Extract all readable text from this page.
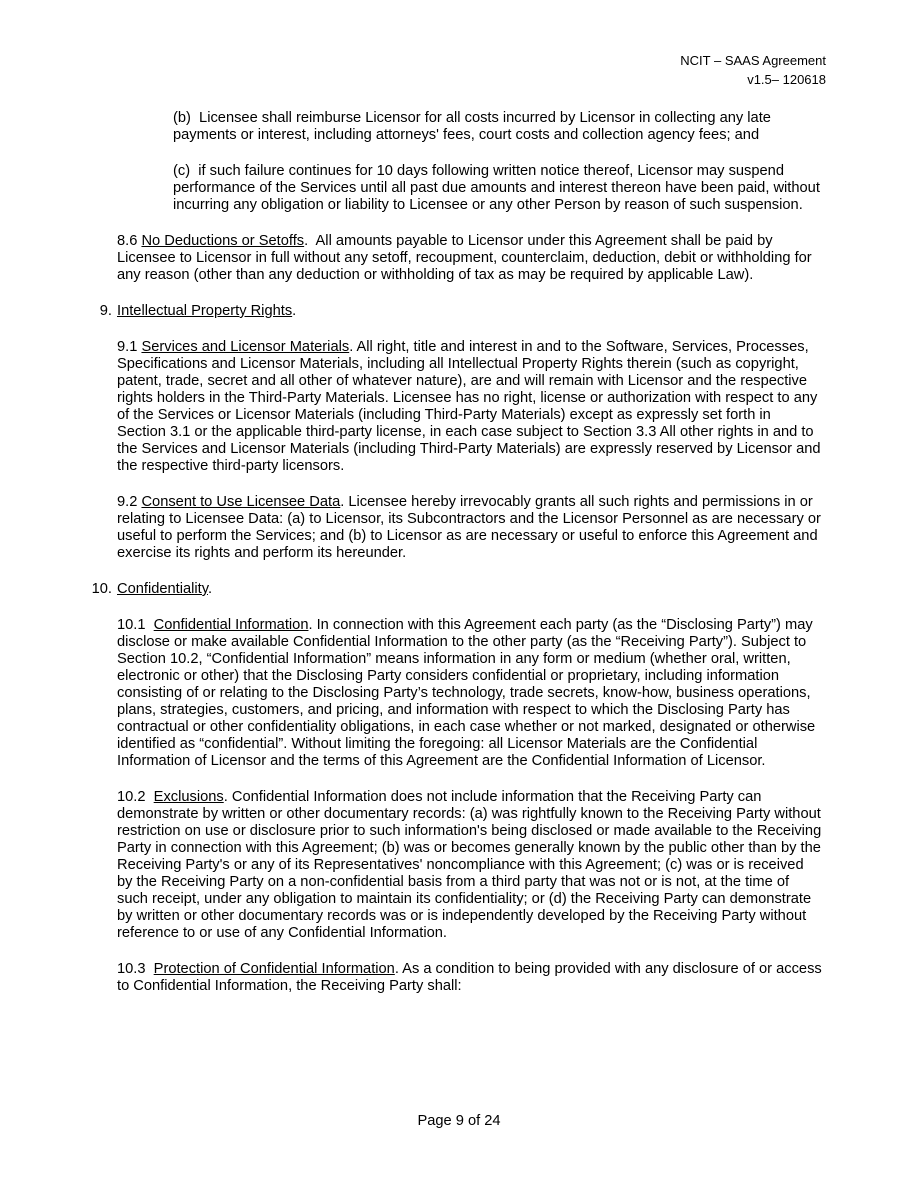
NCIT – SAAS Agreement
v1.5– 120618

(b)  Licensee shall reimburse Licensor for all costs incurred by Licensor in collecting any late payments or interest, including attorneys' fees, court costs and collection agency fees; and

(c)  if such failure continues for 10 days following written notice thereof, Licensor may suspend performance of the Services until all past due amounts and interest thereon have been paid, without incurring any obligation or liability to Licensee or any other Person by reason of such suspension.

8.6 No Deductions or Setoffs.  All amounts payable to Licensor under this Agreement shall be paid by Licensee to Licensor in full without any setoff, recoupment, counterclaim, deduction, debit or withholding for any reason (other than any deduction or withholding of tax as may be required by applicable Law).

9. Intellectual Property Rights.

9.1 Services and Licensor Materials. All right, title and interest in and to the Software, Services, Processes, Specifications and Licensor Materials, including all Intellectual Property Rights therein (such as copyright, patent, trade, secret and all other of whatever nature), are and will remain with Licensor and the respective rights holders in the Third-Party Materials. Licensee has no right, license or authorization with respect to any of the Services or Licensor Materials (including Third-Party Materials) except as expressly set forth in Section 3.1 or the applicable third-party license, in each case subject to Section 3.3 All other rights in and to the Services and Licensor Materials (including Third-Party Materials) are expressly reserved by Licensor and the respective third-party licensors.

9.2 Consent to Use Licensee Data. Licensee hereby irrevocably grants all such rights and permissions in or relating to Licensee Data: (a) to Licensor, its Subcontractors and the Licensor Personnel as are necessary or useful to perform the Services; and (b) to Licensor as are necessary or useful to enforce this Agreement and exercise its rights and perform its hereunder.

10. Confidentiality.

10.1  Confidential Information. In connection with this Agreement each party (as the “Disclosing Party”) may disclose or make available Confidential Information to the other party (as the “Receiving Party”). Subject to Section 10.2, “Confidential Information” means information in any form or medium (whether oral, written, electronic or other) that the Disclosing Party considers confidential or proprietary, including information consisting of or relating to the Disclosing Party’s technology, trade secrets, know-how, business operations, plans, strategies, customers, and pricing, and information with respect to which the Disclosing Party has contractual or other confidentiality obligations, in each case whether or not marked, designated or otherwise identified as “confidential”. Without limiting the foregoing: all Licensor Materials are the Confidential Information of Licensor and the terms of this Agreement are the Confidential Information of Licensor.

10.2  Exclusions. Confidential Information does not include information that the Receiving Party can demonstrate by written or other documentary records: (a) was rightfully known to the Receiving Party without restriction on use or disclosure prior to such information's being disclosed or made available to the Receiving Party in connection with this Agreement; (b) was or becomes generally known by the public other than by the Receiving Party's or any of its Representatives' noncompliance with this Agreement; (c) was or is received by the Receiving Party on a non-confidential basis from a third party that was not or is not, at the time of such receipt, under any obligation to maintain its confidentiality; or (d) the Receiving Party can demonstrate by written or other documentary records was or is independently developed by the Receiving Party without reference to or use of any Confidential Information.

10.3  Protection of Confidential Information. As a condition to being provided with any disclosure of or access to Confidential Information, the Receiving Party shall:

Page 9 of 24
